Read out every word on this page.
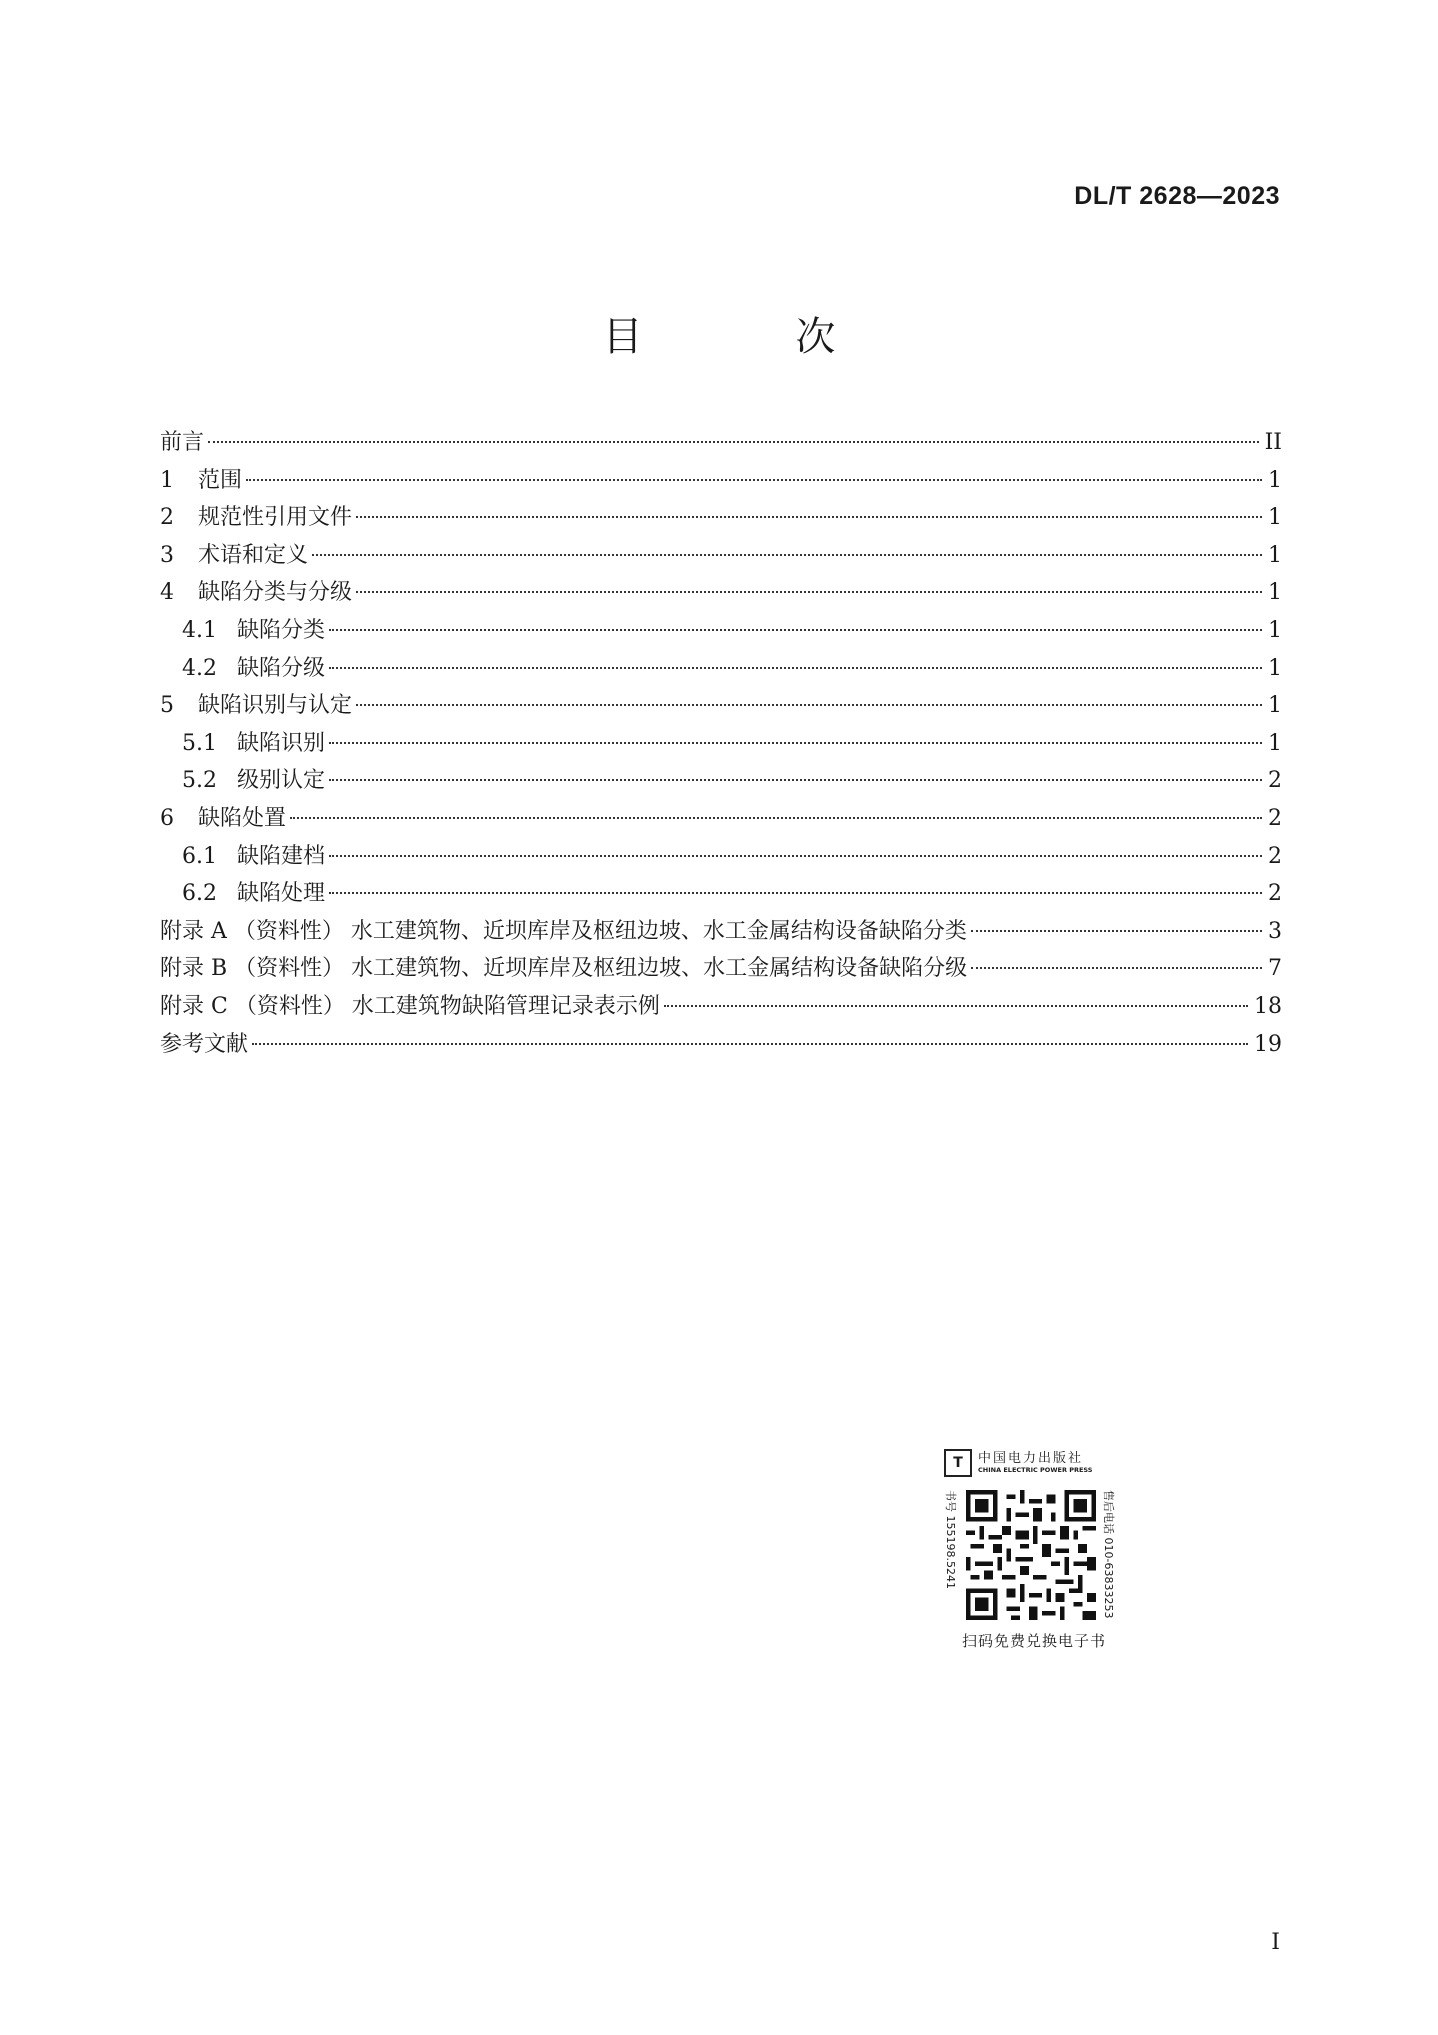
DL/T 2628—2023
目 次
前言	II
1	范围	1
2	规范性引用文件	1
3	术语和定义	1
4	缺陷分类与分级	1
4.1 缺陷分类	1
4.2 缺陷分级	1
5	缺陷识别与认定	1
5.1 缺陷识别	1
5.2 级别认定	2
6	缺陷处置	2
6.1 缺陷建档	2
6.2 缺陷处理	2
附录 A （资料性） 水工建筑物、近坝库岸及枢纽边坡、水工金属结构设备缺陷分类	3
附录 B （资料性） 水工建筑物、近坝库岸及枢纽边坡、水工金属结构设备缺陷分级	7
附录 C （资料性） 水工建筑物缺陷管理记录表示例	18
参考文献	19
T	中国电力出版社
CHINA ELECTRIC POWER PRESS
书号 155198.5241	售后电话 010-63833253
扫码免费兑换电子书
I
